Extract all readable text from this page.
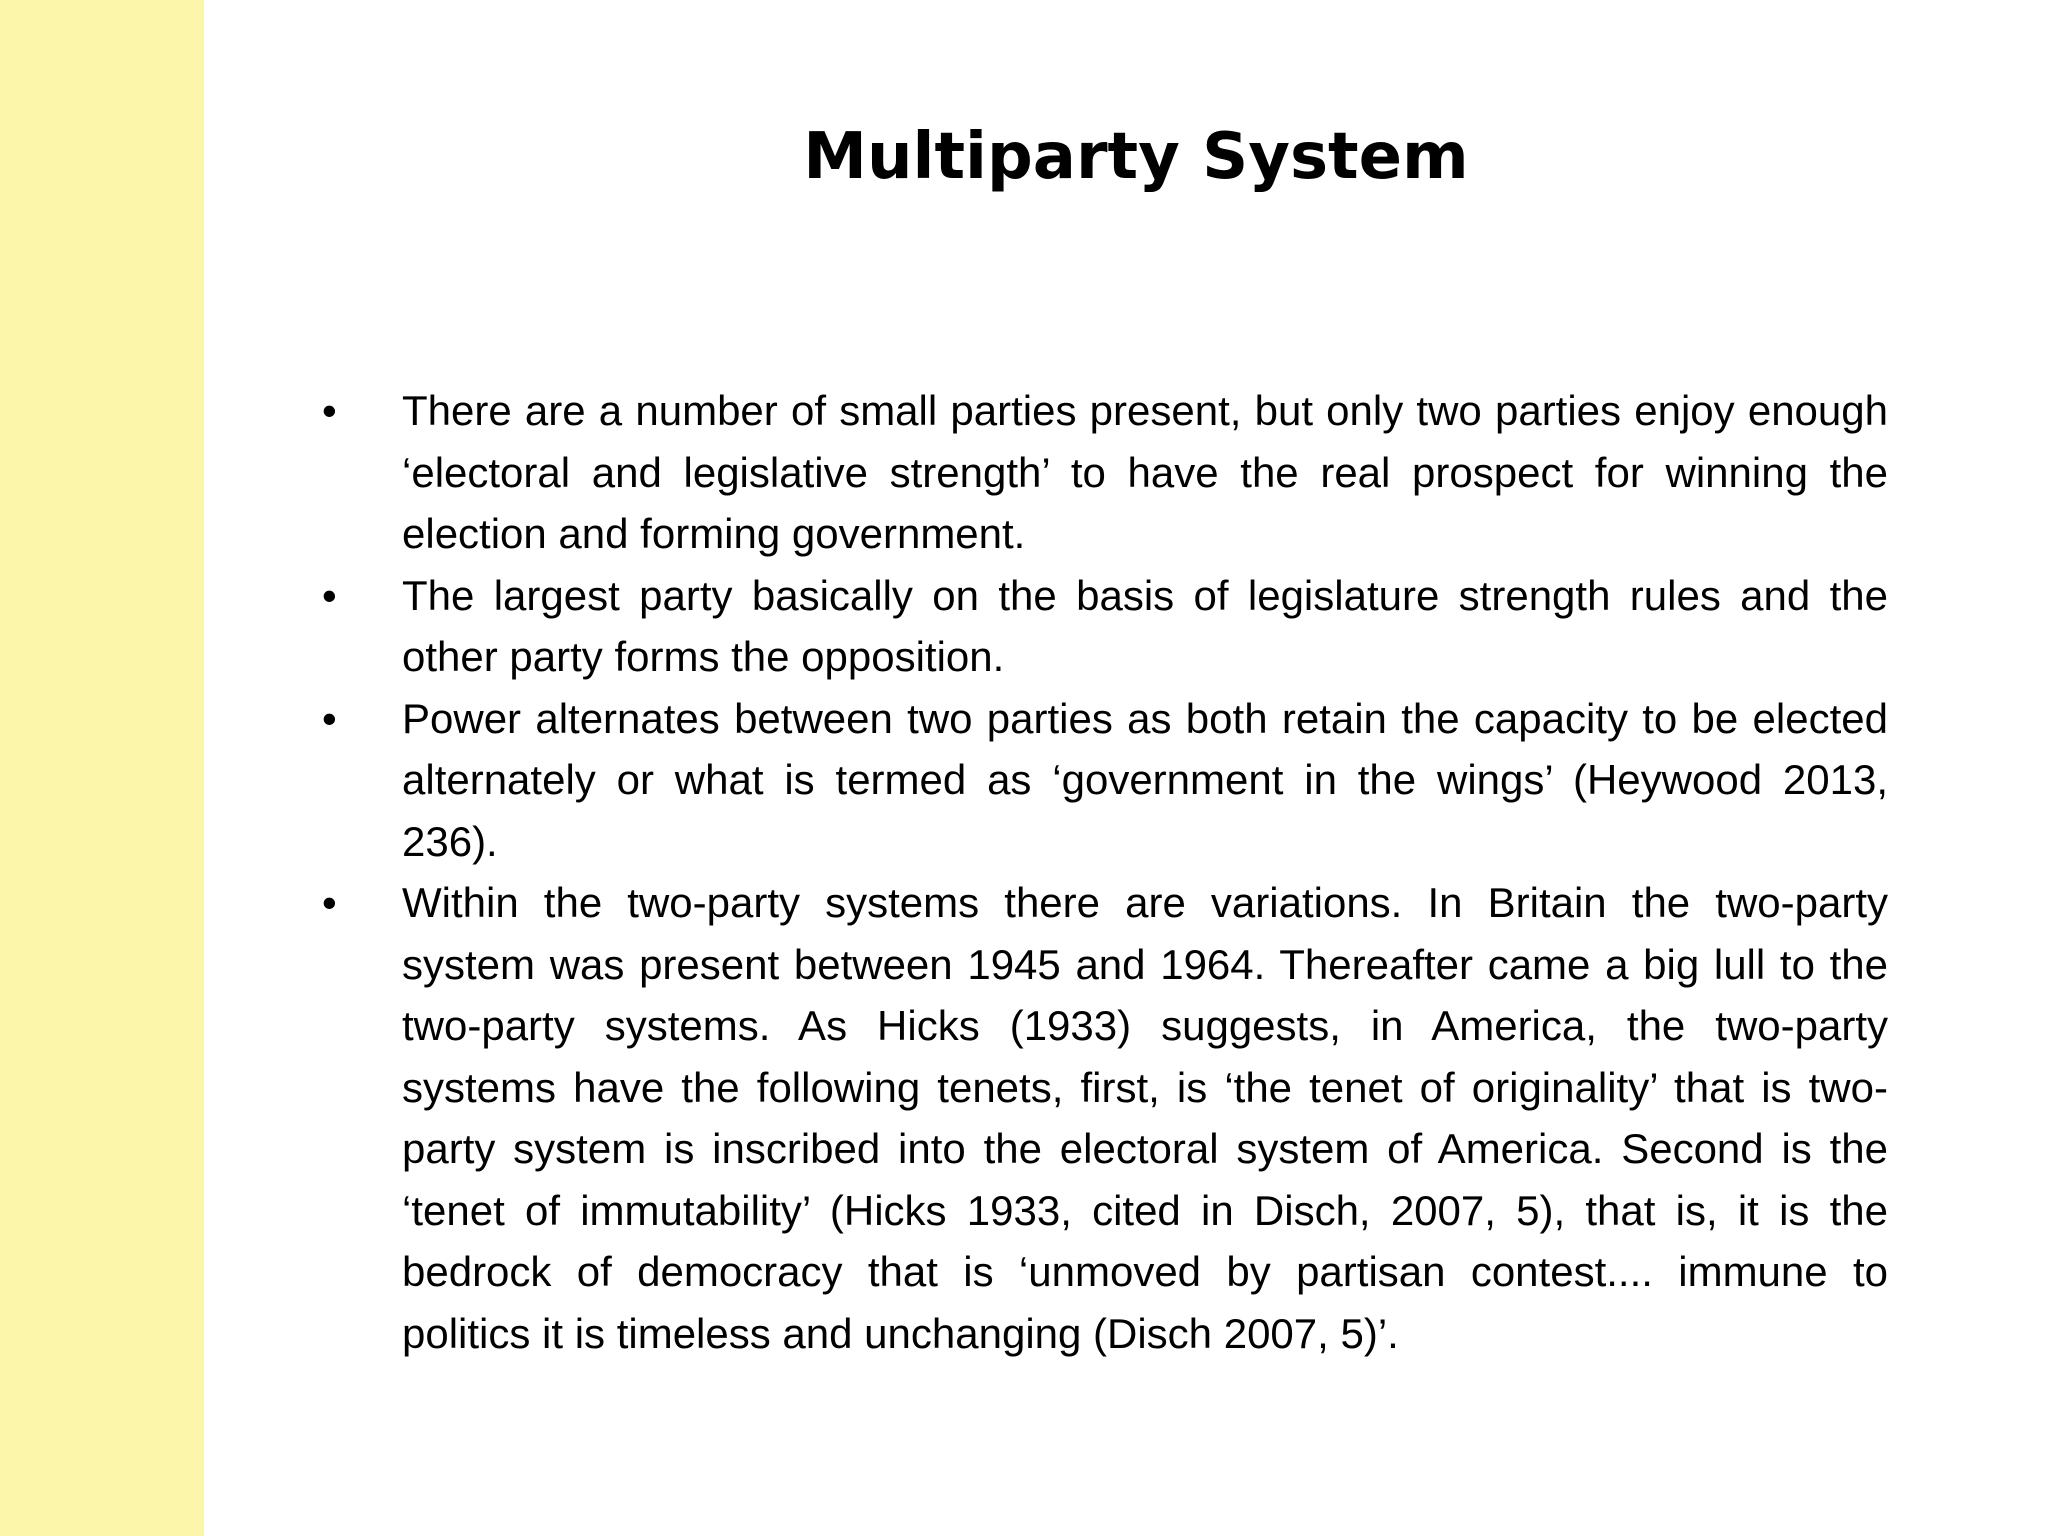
Multiparty System
•	There are a number of small parties present, but only two parties enjoy enough ‘electoral and legislative strength’ to have the real prospect for winning the election and forming government.
•	The largest party basically on the basis of legislature strength rules and the other party forms the opposition.
•	Power alternates between two parties as both retain the capacity to be elected alternately or what is termed as ‘government in the wings’ (Heywood 2013, 236).
•	Within the two-party systems there are variations. In Britain the two-party system was present between 1945 and 1964. Thereafter came a big lull to the two-party systems. As Hicks (1933) suggests, in America, the two-party systems have the following tenets, first, is ‘the tenet of originality’ that is two-party system is inscribed into the electoral system of America. Second is the ‘tenet of immutability’ (Hicks 1933, cited in Disch, 2007, 5), that is, it is the bedrock of democracy that is ‘unmoved by partisan contest.... immune to politics it is timeless and unchanging (Disch 2007, 5)’.
